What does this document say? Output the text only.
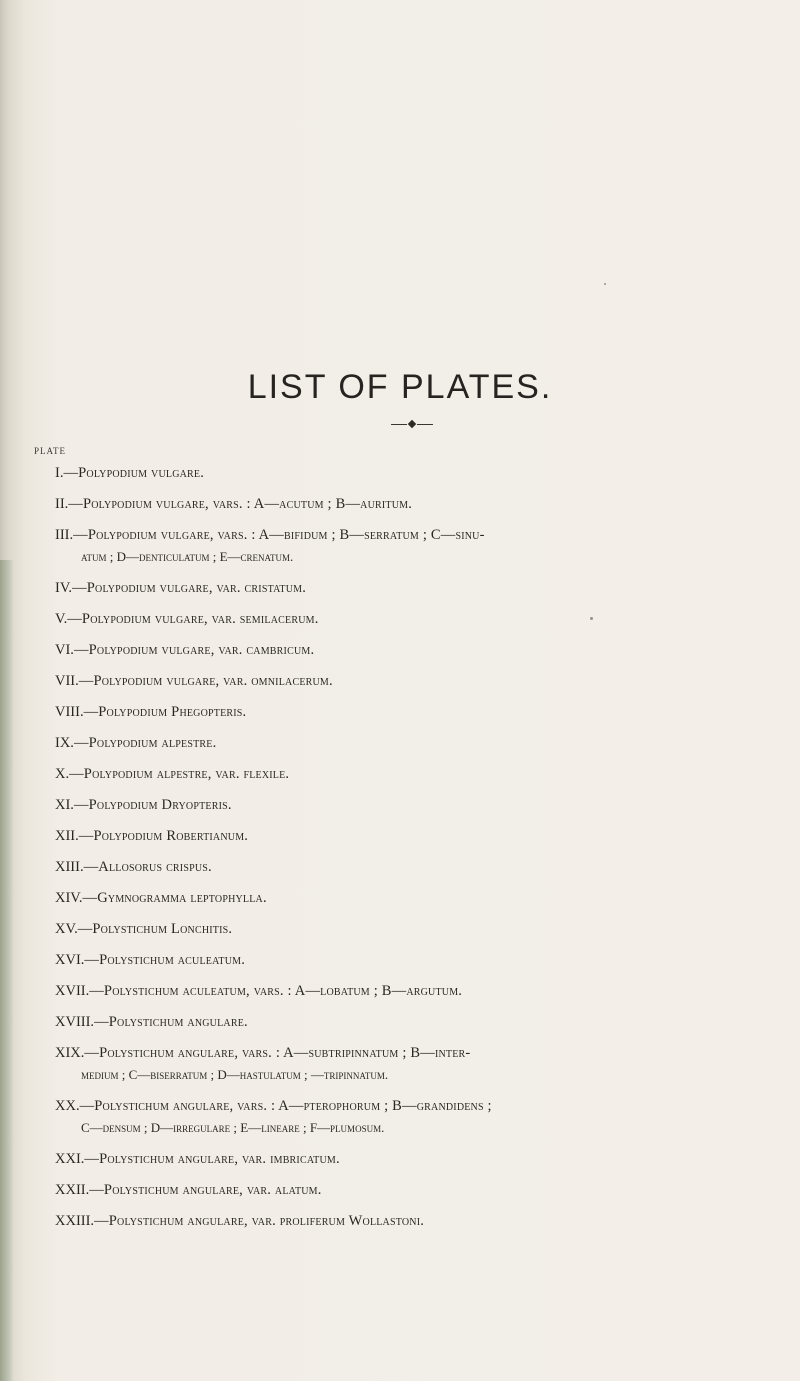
LIST OF PLATES.
PLATE
I.—Polypodium vulgare.
II.—Polypodium vulgare, vars. : A—acutum ; B—auritum.
III.—Polypodium vulgare, vars. : A—bifidum ; B—serratum ; C—sinu-
atum ; D—denticulatum ; E—crenatum.
IV.—Polypodium vulgare, var. cristatum.
V.—Polypodium vulgare, var. semilacerum.
VI.—Polypodium vulgare, var. cambricum.
VII.—Polypodium vulgare, var. omnilacerum.
VIII.—Polypodium Phegopteris.
IX.—Polypodium alpestre.
X.—Polypodium alpestre, var. flexile.
XI.—Polypodium Dryopteris.
XII.—Polypodium Robertianum.
XIII.—Allosorus crispus.
XIV.—Gymnogramma leptophylla.
XV.—Polystichum Lonchitis.
XVI.—Polystichum aculeatum.
XVII.—Polystichum aculeatum, vars. : A—lobatum ; B—argutum.
XVIII.—Polystichum angulare.
XIX.—Polystichum angulare, vars. : A—subtripinnatum ; B—inter-
medium ; C—biserratum ; D—hastulatum ; —tripinnatum.
XX.—Polystichum angulare, vars. : A—pterophorum ; B—grandidens ;
C—densum ; D—irregulare ; E—lineare ; F—plumosum.
XXI.—Polystichum angulare, var. imbricatum.
XXII.—Polystichum angulare, var. alatum.
XXIII.—Polystichum angulare, var. proliferum Wollastoni.
